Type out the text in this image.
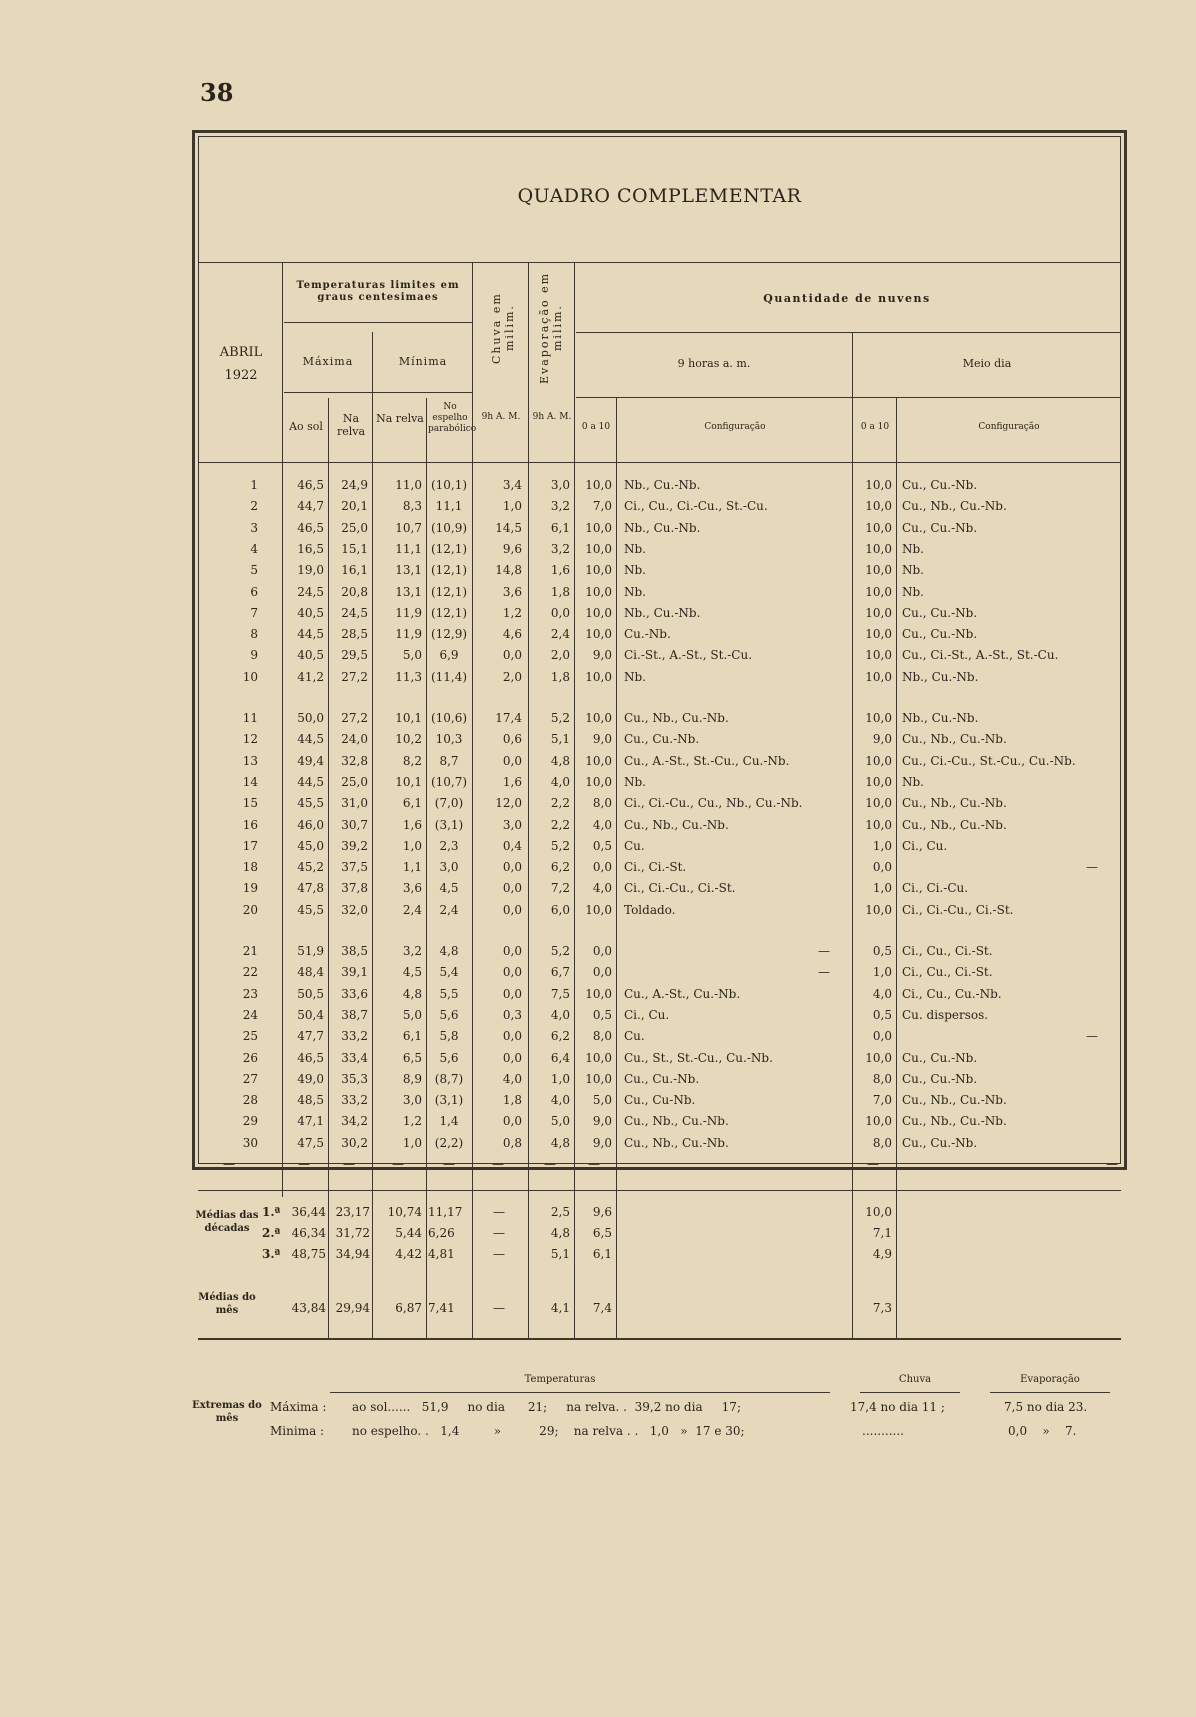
38
QUADRO COMPLEMENTAR
ABRIL
1922
Temperaturas limites em graus centesimaes
Máxima	Mínima
Ao sol
Na relva
Na relva
No espelho parabólico
Chuva em milim. Evaporação em milim.
9h A. M.	9h A. M.
Quantidade de nuvens
9 horas a. m.	Meio dia
0 a 10	Configuração	0 a 10	Configuração
1	46,5	24,9	11,0 (10,1)	3,4	3,0	10,0 Nb., Cu.-Nb.	10,0 Cu., Cu.-Nb.
2	44,7	20,1	8,3	11,1	1,0	3,2	7,0 Ci., Cu., Ci.-Cu., St.-Cu.	10,0 Cu., Nb., Cu.-Nb.
3	46,5	25,0	10,7 (10,9)	14,5	6,1	10,0 Nb., Cu.-Nb.	10,0 Cu., Cu.-Nb.
4	16,5	15,1	11,1 (12,1)	9,6	3,2	10,0 Nb.	10,0 Nb.
5	19,0	16,1	13,1 (12,1)	14,8	1,6	10,0 Nb.	10,0 Nb.
6	24,5	20,8	13,1 (12,1)	3,6	1,8	10,0 Nb.	10,0 Nb.
7	40,5	24,5	11,9 (12,1)	1,2	0,0	10,0 Nb., Cu.-Nb.	10,0 Cu., Cu.-Nb.
8	44,5	28,5	11,9 (12,9)	4,6	2,4	10,0 Cu.-Nb.	10,0 Cu., Cu.-Nb.
9	40,5	29,5	5,0	6,9	0,0	2,0	9,0 Ci.-St., A.-St., St.-Cu.	10,0 Cu., Ci.-St., A.-St., St.-Cu.
10	41,2	27,2	11,3 (11,4)	2,0	1,8	10,0 Nb.	10,0 Nb., Cu.-Nb.
11	50,0	27,2	10,1 (10,6)	17,4	5,2	10,0 Cu., Nb., Cu.-Nb.	10,0 Nb., Cu.-Nb.
12	44,5	24,0	10,2	10,3	0,6	5,1	9,0 Cu., Cu.-Nb.	9,0 Cu., Nb., Cu.-Nb.
13	49,4	32,8	8,2	8,7	0,0	4,8	10,0 Cu., A.-St., St.-Cu., Cu.-Nb.	10,0 Cu., Ci.-Cu., St.-Cu., Cu.-Nb.
14	44,5	25,0	10,1 (10,7)	1,6	4,0	10,0 Nb.	10,0 Nb.
15	45,5	31,0	6,1	(7,0)	12,0	2,2	8,0 Ci., Ci.-Cu., Cu., Nb., Cu.-Nb.	10,0 Cu., Nb., Cu.-Nb.
16	46,0	30,7	1,6	(3,1)	3,0	2,2	4,0 Cu., Nb., Cu.-Nb.	10,0 Cu., Nb., Cu.-Nb.
17	45,0	39,2	1,0	2,3	0,4	5,2	0,5 Cu.	1,0 Ci., Cu.
18	45,2	37,5	1,1	3,0	0,0	6,2	0,0 Ci., Ci.-St.	0,0	—
19	47,8	37,8	3,6	4,5	0,0	7,2	4,0 Ci., Ci.-Cu., Ci.-St.	1,0 Ci., Ci.-Cu.
20	45,5	32,0	2,4	2,4	0,0	6,0	10,0 Toldado.	10,0 Ci., Ci.-Cu., Ci.-St.
21	51,9	38,5	3,2	4,8	0,0	5,2	0,0	—	0,5 Ci., Cu., Ci.-St.
22	48,4	39,1	4,5	5,4	0,0	6,7	0,0	—	1,0 Ci., Cu., Ci.-St.
23	50,5	33,6	4,8	5,5	0,0	7,5	10,0 Cu., A.-St., Cu.-Nb.	4,0 Ci., Cu., Cu.-Nb.
24	50,4	38,7	5,0	5,6	0,3	4,0	0,5 Ci., Cu.	0,5 Cu. dispersos.
25	47,7	33,2	6,1	5,8	0,0	6,2	8,0 Cu.	0,0	—
26	46,5	33,4	6,5	5,6	0,0	6,4	10,0 Cu., St., St.-Cu., Cu.-Nb.	10,0 Cu., Cu.-Nb.
27	49,0	35,3	8,9	(8,7)	4,0	1,0	10,0 Cu., Cu.-Nb.	8,0 Cu., Cu.-Nb.
28	48,5	33,2	3,0	(3,1)	1,8	4,0	5,0 Cu., Cu-Nb.	7,0 Cu., Nb., Cu.-Nb.
29	47,1	34,2	1,2	1,4	0,0	5,0	9,0 Cu., Nb., Cu.-Nb.	10,0 Cu., Nb., Cu.-Nb.
30	47,5	30,2	1,0	(2,2)	0,8	4,8	9,0 Cu., Nb., Cu.-Nb.	8,0 Cu., Cu.-Nb.
—	—	—	—	—	—	—	—	—	—
Médias das décadas
Médias do mês
1.ª 36,44 23,17	10,74 11,17	—	2,5	9,6	10,0
2.ª 46,34 31,72	5,44 6,26	—	4,8	6,5	7,1
3.ª 48,75 34,94	4,42 4,81	—	5,1	6,1	4,9
43,84 29,94	6,87 7,41	—	4,1	7,4	7,3
Temperaturas	Chuva	Evaporação
Extremas do mês
Máxima :
Minima :
ao sol......   51,9     no dia      21;     na relva. .  39,2 no dia     17;
no espelho. .   1,4         »          29;    na relva . .   1,0   »  17 e 30;
17,4 no dia 11 ;
...........
7,5 no dia 23.
0,0    »    7.
